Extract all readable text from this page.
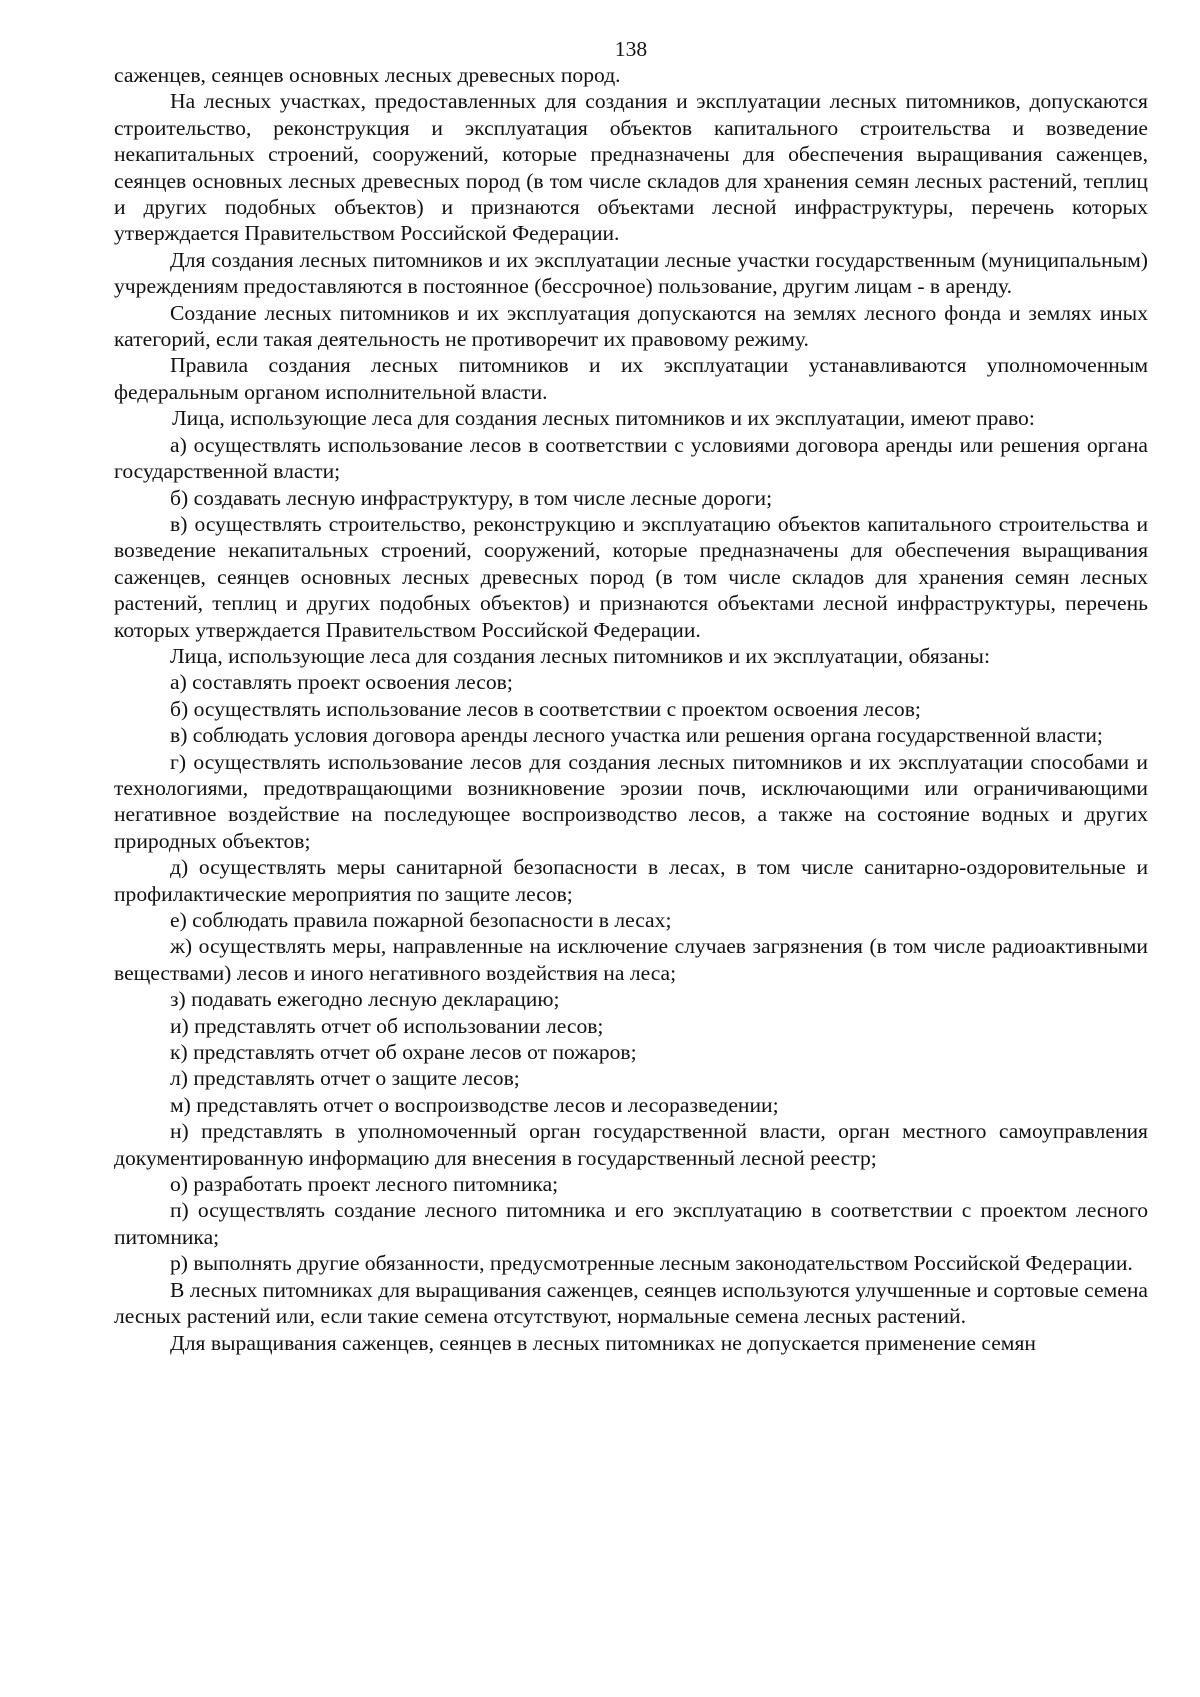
138

саженцев, сеянцев основных лесных древесных пород.

На лесных участках, предоставленных для создания и эксплуатации лесных питомников, допускаются строительство, реконструкция и эксплуатация объектов капитального строительства и возведение некапитальных строений, сооружений, которые предназначены для обеспечения выращивания саженцев, сеянцев основных лесных древесных пород (в том числе складов для хранения семян лесных растений, теплиц и других подобных объектов) и признаются объектами лесной инфраструктуры, перечень которых утверждается Правительством Российской Федерации.

Для создания лесных питомников и их эксплуатации лесные участки государственным (муниципальным) учреждениям предоставляются в постоянное (бессрочное) пользование, другим лицам - в аренду.

Создание лесных питомников и их эксплуатация допускаются на землях лесного фонда и землях иных категорий, если такая деятельность не противоречит их правовому режиму.

Правила создания лесных питомников и их эксплуатации устанавливаются уполномоченным федеральным органом исполнительной власти.

Лица, использующие леса для создания лесных питомников и их эксплуатации, имеют право:

а) осуществлять использование лесов в соответствии с условиями договора аренды или решения органа государственной власти;

б) создавать лесную инфраструктуру, в том числе лесные дороги;

в) осуществлять строительство, реконструкцию и эксплуатацию объектов капитального строительства и возведение некапитальных строений, сооружений, которые предназначены для обеспечения выращивания саженцев, сеянцев основных лесных древесных пород (в том числе складов для хранения семян лесных растений, теплиц и других подобных объектов) и признаются объектами лесной инфраструктуры, перечень которых утверждается Правительством Российской Федерации.

Лица, использующие леса для создания лесных питомников и их эксплуатации, обязаны:

а) составлять проект освоения лесов;

б) осуществлять использование лесов в соответствии с проектом освоения лесов;

в) соблюдать условия договора аренды лесного участка или решения органа государственной власти;

г) осуществлять использование лесов для создания лесных питомников и их эксплуатации способами и технологиями, предотвращающими возникновение эрозии почв, исключающими или ограничивающими негативное воздействие на последующее воспроизводство лесов, а также на состояние водных и других природных объектов;

д) осуществлять меры санитарной безопасности в лесах, в том числе санитарно-оздоровительные и профилактические мероприятия по защите лесов;

е) соблюдать правила пожарной безопасности в лесах;

ж) осуществлять меры, направленные на исключение случаев загрязнения (в том числе радиоактивными веществами) лесов и иного негативного воздействия на леса;

з) подавать ежегодно лесную декларацию;

и) представлять отчет об использовании лесов;

к) представлять отчет об охране лесов от пожаров;

л) представлять отчет о защите лесов;

м) представлять отчет о воспроизводстве лесов и лесоразведении;

н) представлять в уполномоченный орган государственной власти, орган местного самоуправления документированную информацию для внесения в государственный лесной реестр;

о) разработать проект лесного питомника;

п) осуществлять создание лесного питомника и его эксплуатацию в соответствии с проектом лесного питомника;

р) выполнять другие обязанности, предусмотренные лесным законодательством Российской Федерации.

В лесных питомниках для выращивания саженцев, сеянцев используются улучшенные и сортовые семена лесных растений или, если такие семена отсутствуют, нормальные семена лесных растений.

Для выращивания саженцев, сеянцев в лесных питомниках не допускается применение семян
